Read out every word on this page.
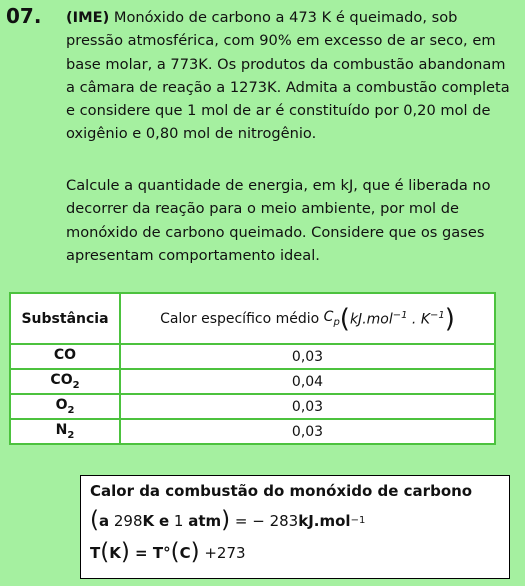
07. (IME) Monóxido de carbono a 473 K é queimado, sob pressão atmosférica, com 90% em excesso de ar seco, em base molar, a 773K. Os produtos da combustão abandonam a câmara de reação a 1273K. Admita a combustão completa e considere que 1 mol de ar é constituído por 0,20 mol de oxigênio e 0,80 mol de nitrogênio.

Calcule a quantidade de energia, em kJ, que é liberada no decorrer da reação para o meio ambiente, por mol de monóxido de carbono queimado. Considere que os gases apresentam comportamento ideal.

Substância	Calor específico médio
$C_p$ ( kJ.mol$^{-1}$ . $K^{-1}$ )

CO	0,03
$CO_2$	0,04
$O_2$	0,03
$N_2$	0,03
Calor da combustão do monóxido de carbono
( a
298 K
e
1
atm ) = − 283 kJ.mol −1
T ( K ) = T° ( C ) +273
